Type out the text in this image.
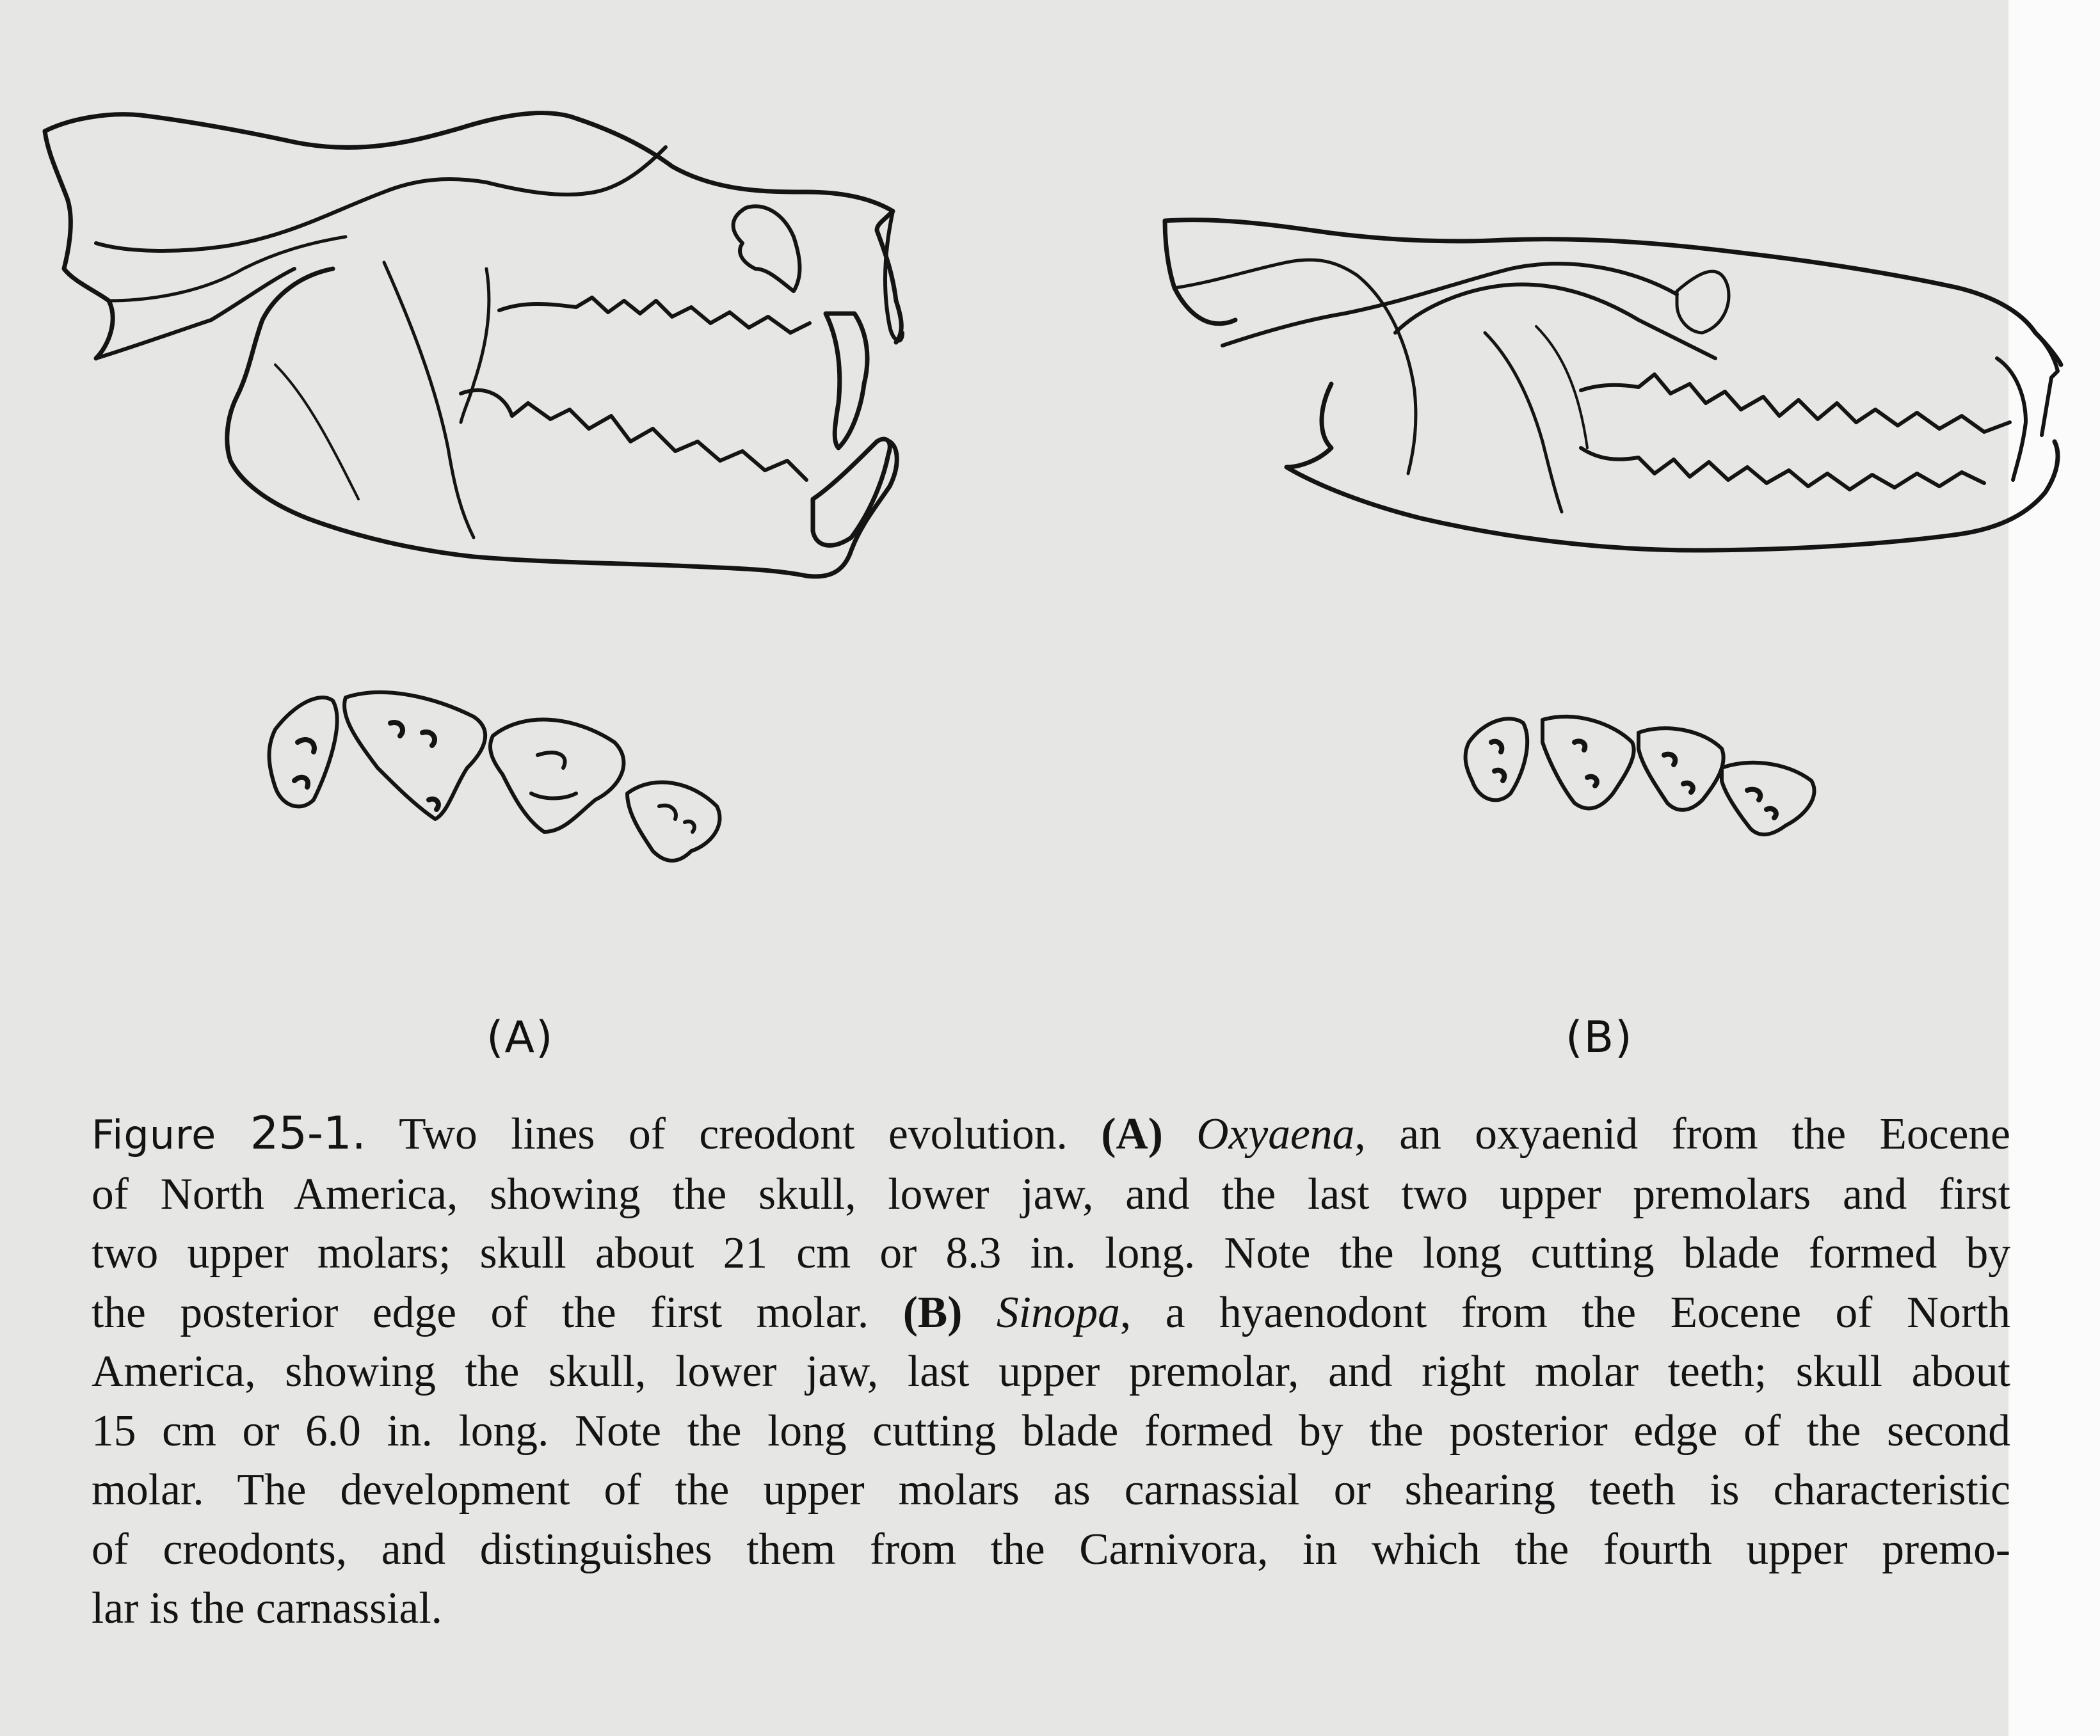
(A)	(B)
Figure 25-1. Two lines of creodont evolution. (A) Oxyaena, an oxyaenid from the Eocene
of North America, showing the skull, lower jaw, and the last two upper premolars and first
two upper molars; skull about 21 cm or 8.3 in. long. Note the long cutting blade formed by
the posterior edge of the first molar. (B) Sinopa, a hyaenodont from the Eocene of North
America, showing the skull, lower jaw, last upper premolar, and right molar teeth; skull about
15 cm or 6.0 in. long. Note the long cutting blade formed by the posterior edge of the second
molar. The development of the upper molars as carnassial or shearing teeth is characteristic
of creodonts, and distinguishes them from the Carnivora, in which the fourth upper premo-
lar is the carnassial.
